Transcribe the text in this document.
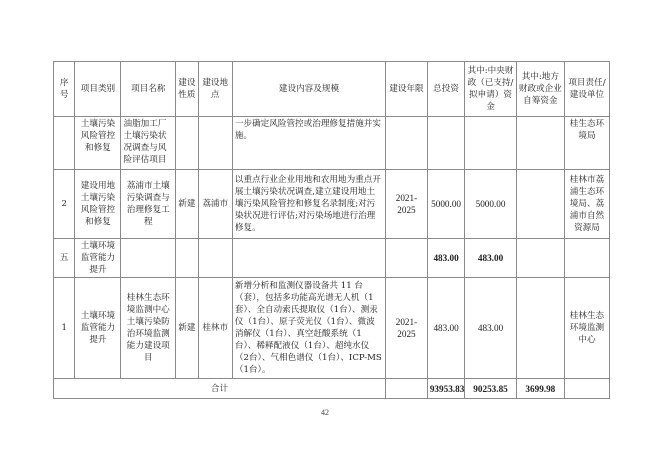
序号	项目类别	项目名称	建设性质	建设地点	建设内容及规模	建设年限	总投资	其中:中央财政（已支持/拟申请）资金	其中:地方财政或企业自筹资金	项目责任/建设单位
	土壤污染风险管控和修复	油脂加工厂土壤污染状况调查与风险评估项目			一步确定风险管控或治理修复措施并实施。					桂生态环境局
2	建设用地土壤污染风险管控和修复	荔浦市土壤污染调查与治理修复工程	新建	荔浦市	以重点行业企业用地和农用地为重点开展土壤污染状况调查,建立建设用地土壤污染风险管控和修复名录制度;对污染状况进行评估;对污染场地进行治理修复。	2021-2025	5000.00	5000.00		桂林市荔浦生态环境局、荔浦市自然资源局
五	土壤环境监管能力提升						483.00	483.00		
1	土壤环境监管能力提升	桂林生态环境监测中心土壤污染防治环境监测能力建设项目	新建	桂林市	新增分析和监测仪器设备共 11 台（套），包括多功能高光谱无人机（1套）、全自动索氏提取仪（1台）、测汞仪（1台）、原子荧光仪（1台）、微波消解仪（1台）、真空赶酸系统（1台）、稀释配液仪（1台）、超纯水仪（2台）、气相色谱仪（1台）、ICP-MS（1台）。	2021-2025	483.00	483.00		桂林生态环境监测中心
合计							93953.83	90253.85	3699.98	
42
